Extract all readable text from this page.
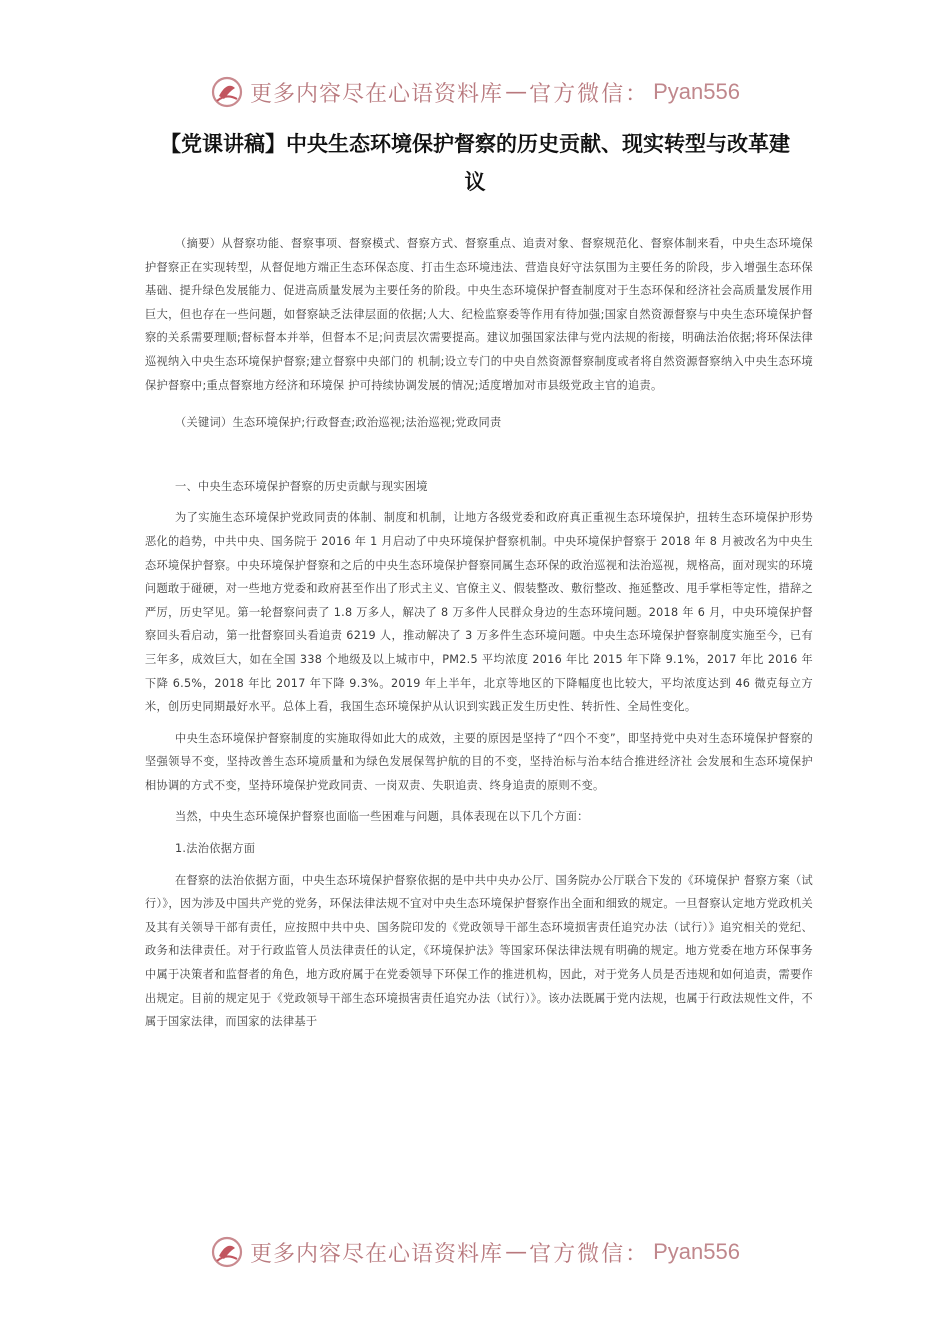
更多内容尽在心语资料库 — 官方微信： Pyan556
【党课讲稿】中央生态环境保护督察的历史贡献、现实转型与改革建议

（摘要）从督察功能、督察事项、督察模式、督察方式、督察重点、追责对象、督察规范化、督察体制来看，中央生态环境保护督察正在实现转型，从督促地方端正生态环保态度、打击生态环境违法、营造良好守法氛围为主要任务的阶段，步入增强生态环保基础、提升绿色发展能力、促进高质量发展为主要任务的阶段。中央生态环境保护督查制度对于生态环保和经济社会高质量发展作用巨大，但也存在一些问题，如督察缺乏法律层面的依据;人大、纪检监察委等作用有待加强;国家自然资源督察与中央生态环境保护督察的关系需要理顺;督标督本并举，但督本不足;问责层次需要提高。建议加强国家法律与党内法规的衔接，明确法治依据;将环保法律巡视纳入中央生态环境保护督察;建立督察中央部门的 机制;设立专门的中央自然资源督察制度或者将自然资源督察纳入中央生态环境保护督察中;重点督察地方经济和环境保 护可持续协调发展的情况;适度增加对市县级党政主官的追责。

（关键词）生态环境保护;行政督查;政治巡视;法治巡视;党政同责

一、中央生态环境保护督察的历史贡献与现实困境

为了实施生态环境保护党政同责的体制、制度和机制，让地方各级党委和政府真正重视生态环境保护，扭转生态环境保护形势恶化的趋势，中共中央、国务院于 2016 年 1 月启动了中央环境保护督察机制。中央环境保护督察于 2018 年 8 月被改名为中央生态环境保护督察。中央环境保护督察和之后的中央生态环境保护督察同属生态环保的政治巡视和法治巡视，规格高，面对现实的环境问题敢于碰硬，对一些地方党委和政府甚至作出了形式主义、官僚主义、假装整改、敷衍整改、拖延整改、甩手掌柜等定性，措辞之严厉，历史罕见。第一轮督察问责了 1.8 万多人，解决了 8 万多件人民群众身边的生态环境问题。2018 年 6 月，中央环境保护督察回头看启动，第一批督察回头看追责 6219 人，推动解决了 3 万多件生态环境问题。中央生态环境保护督察制度实施至今，已有三年多，成效巨大，如在全国 338 个地级及以上城市中，PM2.5 平均浓度 2016 年比 2015 年下降 9.1%，2017 年比 2016 年下降 6.5%，2018 年比 2017 年下降 9.3%。2019 年上半年，北京等地区的下降幅度也比较大，平均浓度达到 46 微克每立方米，创历史同期最好水平。总体上看，我国生态环境保护从认识到实践正发生历史性、转折性、全局性变化。

中央生态环境保护督察制度的实施取得如此大的成效，主要的原因是坚持了“四个不变”，即坚持党中央对生态环境保护督察的坚强领导不变，坚持改善生态环境质量和为绿色发展保驾护航的目的不变，坚持治标与治本结合推进经济社 会发展和生态环境保护相协调的方式不变，坚持环境保护党政同责、一岗双责、失职追责、终身追责的原则不变。

当然，中央生态环境保护督察也面临一些困难与问题，具体表现在以下几个方面：

1.法治依据方面

在督察的法治依据方面，中央生态环境保护督察依据的是中共中央办公厅、国务院办公厅联合下发的《环境保护 督察方案（试行）》，因为涉及中国共产党的党务，环保法律法规不宜对中央生态环境保护督察作出全面和细致的规定。一旦督察认定地方党政机关及其有关领导干部有责任，应按照中共中央、国务院印发的《党政领导干部生态环境损害责任追究办法（试行）》追究相关的党纪、政务和法律责任。对于行政监管人员法律责任的认定，《环境保护法》等国家环保法律法规有明确的规定。地方党委在地方环保事务中属于决策者和监督者的角色，地方政府属于在党委领导下环保工作的推进机构，因此，对于党务人员是否违规和如何追责，需要作出规定。目前的规定见于《党政领导干部生态环境损害责任追究办法（试行）》。该办法既属于党内法规，也属于行政法规性文件，不属于国家法律，而国家的法律基于

更多内容尽在心语资料库 — 官方微信： Pyan556
